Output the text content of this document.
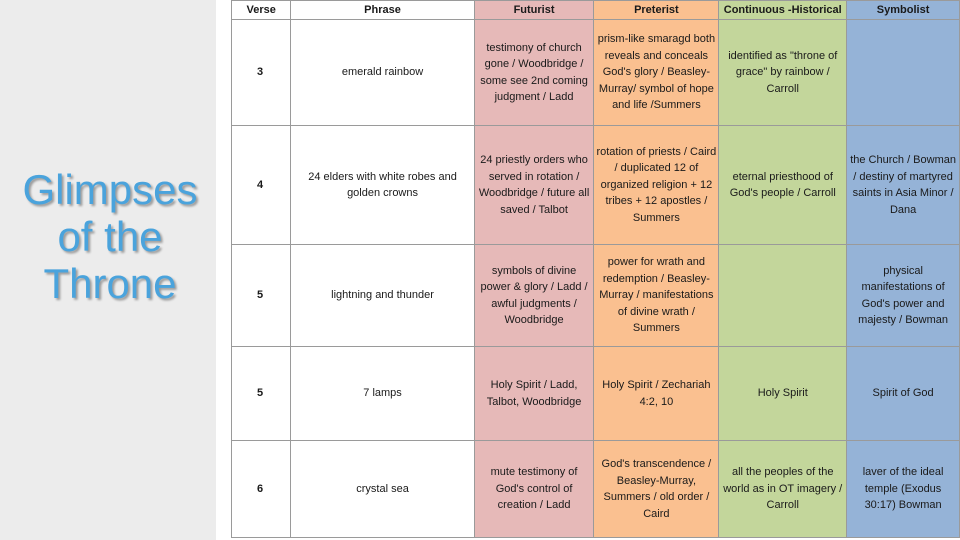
Glimpses
of the
Throne
Verse	Phrase	Futurist	Preterist	Continuous -Historical	Symbolist
3	emerald rainbow	testimony of church gone / Woodbridge / some see 2nd coming judgment / Ladd	prism-like smaragd both reveals and conceals God's glory / Beasley-Murray/ symbol of hope and life /Summers	identified as "throne of grace" by rainbow / Carroll	
4	24 elders with white robes and golden crowns	24 priestly orders who served in rotation / Woodbridge / future all saved / Talbot	rotation of priests / Caird / duplicated 12 of organized religion + 12 tribes + 12 apostles / Summers	eternal priesthood of God's people / Carroll	the Church / Bowman / destiny of martyred saints in Asia Minor / Dana
5	lightning and thunder	symbols of divine power & glory / Ladd / awful judgments / Woodbridge	power for wrath and redemption / Beasley-Murray / manifestations of divine wrath / Summers		physical manifestations of God's power and majesty / Bowman
5	7 lamps	Holy Spirit / Ladd, Talbot, Woodbridge	Holy Spirit / Zechariah 4:2, 10	Holy Spirit	Spirit of God
6	crystal sea	mute testimony of God's control of creation / Ladd	God's transcendence / Beasley-Murray, Summers / old order / Caird	all the peoples of the world as in OT imagery / Carroll	laver of the ideal temple (Exodus 30:17) Bowman
